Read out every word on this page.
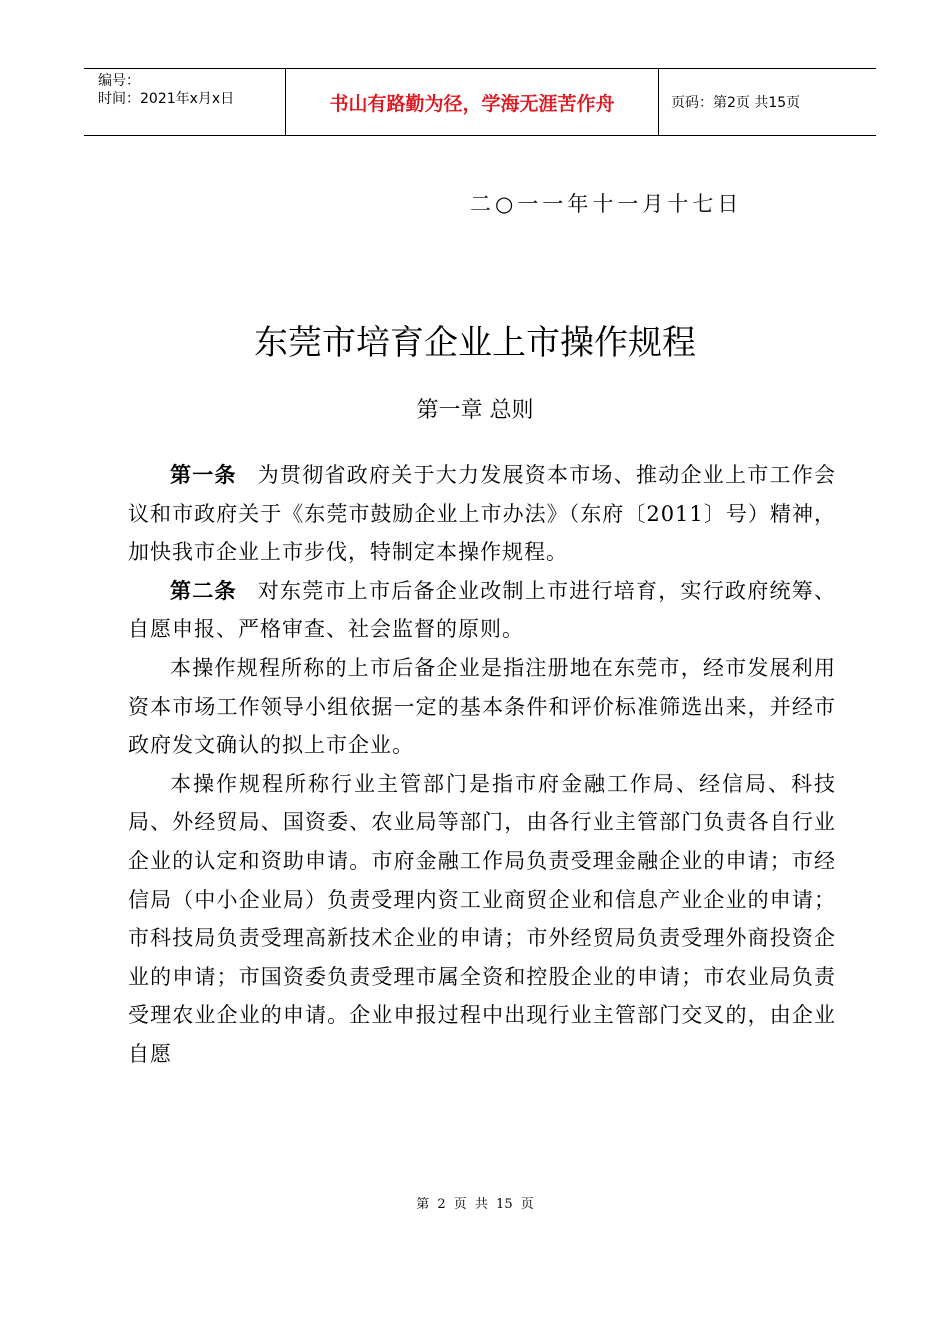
编号：
时间：2021年x月x日	书山有路勤为径，学海无涯苦作舟	页码：第2页 共15页
二○一一年十一月十七日
东莞市培育企业上市操作规程
第一章 总则

第一条 为贯彻省政府关于大力发展资本市场、推动企业上市工作会议和市政府关于《东莞市鼓励企业上市办法》（东府〔2011〕号）精神，加快我市企业上市步伐，特制定本操作规程。

第二条 对东莞市上市后备企业改制上市进行培育，实行政府统筹、自愿申报、严格审查、社会监督的原则。

本操作规程所称的上市后备企业是指注册地在东莞市，经市发展利用资本市场工作领导小组依据一定的基本条件和评价标准筛选出来，并经市政府发文确认的拟上市企业。

本操作规程所称行业主管部门是指市府金融工作局、经信局、科技局、外经贸局、国资委、农业局等部门，由各行业主管部门负责各自行业企业的认定和资助申请。市府金融工作局负责受理金融企业的申请；市经信局（中小企业局）负责受理内资工业商贸企业和信息产业企业的申请；市科技局负责受理高新技术企业的申请；市外经贸局负责受理外商投资企业的申请；市国资委负责受理市属全资和控股企业的申请；市农业局负责受理农业企业的申请。企业申报过程中出现行业主管部门交叉的，由企业自愿

第 2 页 共 15 页
